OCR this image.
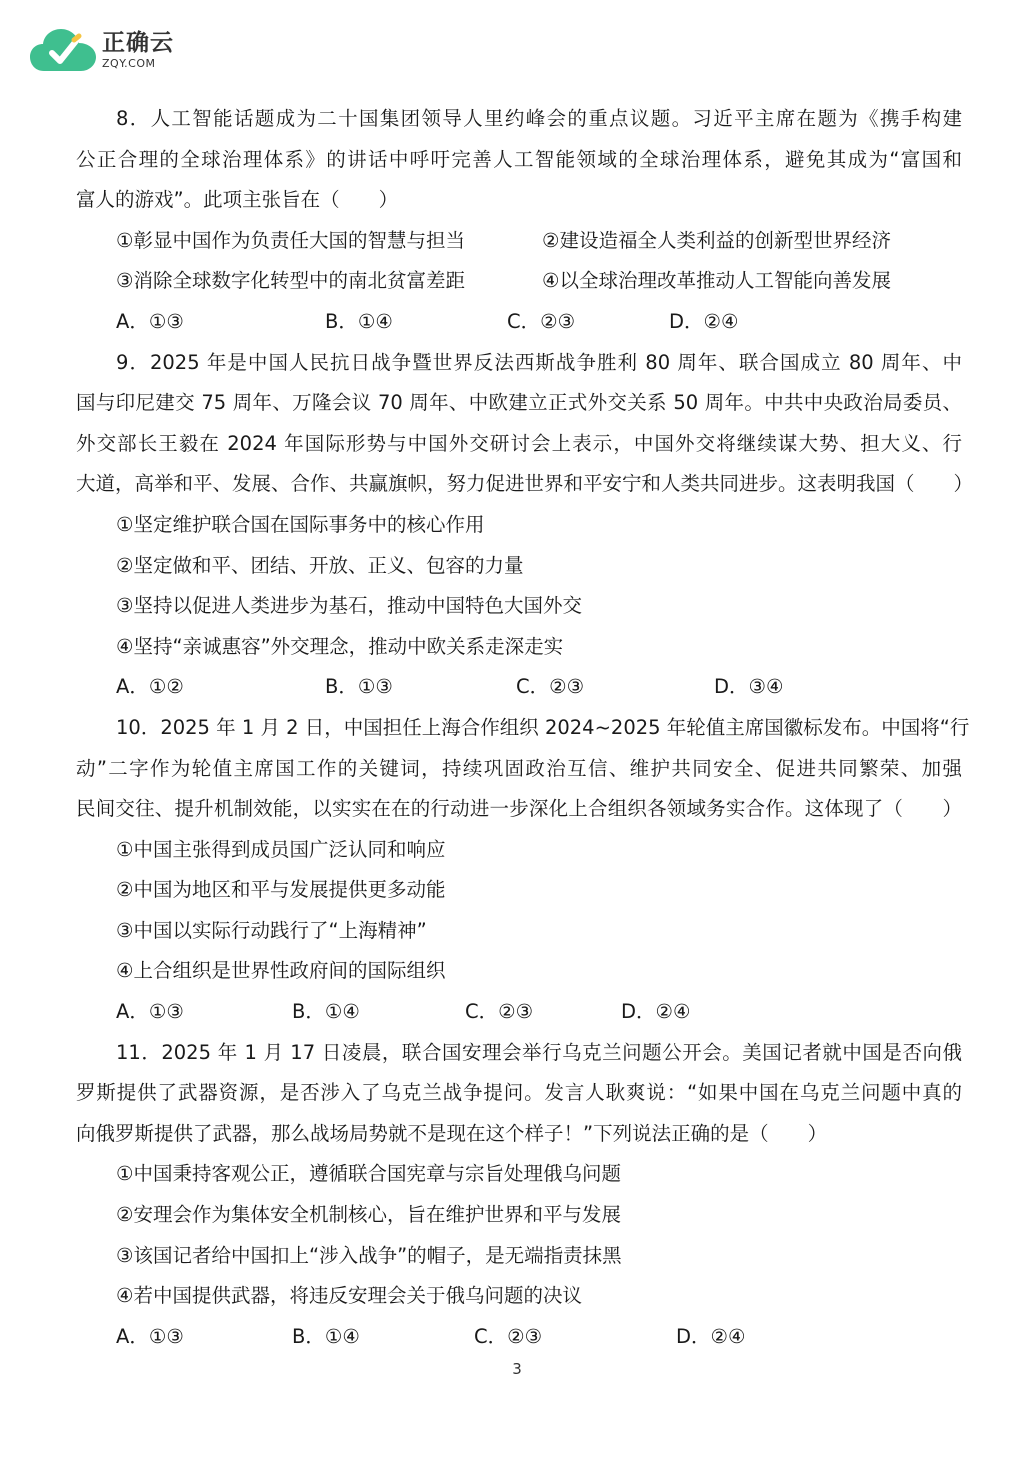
正确云
ZQY.COM
8．人工智能话题成为二十国集团领导人里约峰会的重点议题。习近平主席在题为《携手构建
公正合理的全球治理体系》的讲话中呼吁完善人工智能领域的全球治理体系，避免其成为“富国和
富人的游戏”。此项主张旨在（　　）
①彰显中国作为负责任大国的智慧与担当	②建设造福全人类利益的创新型世界经济
③消除全球数字化转型中的南北贫富差距	④以全球治理改革推动人工智能向善发展
A．①③	B．①④	C．②③	D．②④
9．2025 年是中国人民抗日战争暨世界反法西斯战争胜利 80 周年、联合国成立 80 周年、中
国与印尼建交 75 周年、万隆会议 70 周年、中欧建立正式外交关系 50 周年。中共中央政治局委员、
外交部长王毅在 2024 年国际形势与中国外交研讨会上表示，中国外交将继续谋大势、担大义、行
大道，高举和平、发展、合作、共赢旗帜，努力促进世界和平安宁和人类共同进步。这表明我国（　　）
①坚定维护联合国在国际事务中的核心作用
②坚定做和平、团结、开放、正义、包容的力量
③坚持以促进人类进步为基石，推动中国特色大国外交
④坚持“亲诚惠容”外交理念，推动中欧关系走深走实
A．①②	B．①③	C．②③	D．③④
10．2025 年 1 月 2 日，中国担任上海合作组织 2024~2025 年轮值主席国徽标发布。中国将“行
动”二字作为轮值主席国工作的关键词，持续巩固政治互信、维护共同安全、促进共同繁荣、加强
民间交往、提升机制效能，以实实在在的行动进一步深化上合组织各领域务实合作。这体现了（　　）
①中国主张得到成员国广泛认同和响应
②中国为地区和平与发展提供更多动能
③中国以实际行动践行了“上海精神”
④上合组织是世界性政府间的国际组织
A．①③	B．①④	C．②③	D．②④
11．2025 年 1 月 17 日凌晨，联合国安理会举行乌克兰问题公开会。美国记者就中国是否向俄
罗斯提供了武器资源，是否涉入了乌克兰战争提问。发言人耿爽说：“如果中国在乌克兰问题中真的
向俄罗斯提供了武器，那么战场局势就不是现在这个样子！”下列说法正确的是（　　）
①中国秉持客观公正，遵循联合国宪章与宗旨处理俄乌问题
②安理会作为集体安全机制核心，旨在维护世界和平与发展
③该国记者给中国扣上“涉入战争”的帽子，是无端指责抹黑
④若中国提供武器，将违反安理会关于俄乌问题的决议
A．①③	B．①④	C．②③	D．②④
3
